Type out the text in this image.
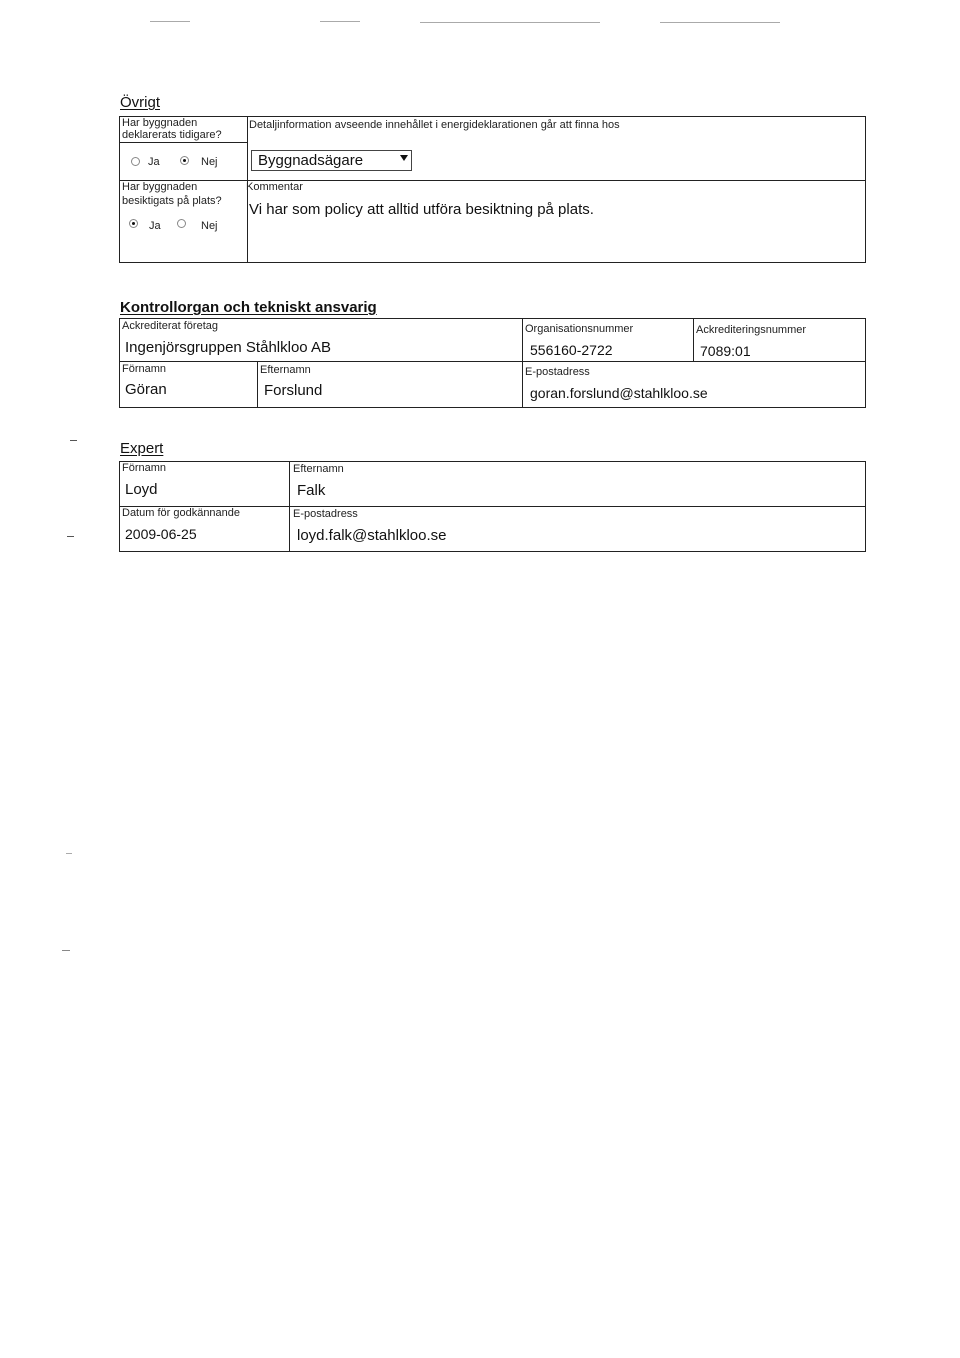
Övrigt
Har byggnaden
deklarerats tidigare?
Ja	Nej
Detaljinformation avseende innehållet i energideklarationen går att finna hos
Byggnadsägare
Har byggnaden
besiktigats på plats?
Ja	Nej
Kommentar
Vi har som policy att alltid utföra besiktning på plats.
Kontrollorgan och tekniskt ansvarig
Ackrediterat företag
Ingenjörsgruppen Ståhlkloo AB
Organisationsnummer
556160-2722
Ackrediteringsnummer
7089:01
Förnamn
Göran
Efternamn
Forslund
E-postadress
goran.forslund@stahlkloo.se
Expert
Förnamn
Loyd
Efternamn
Falk
Datum för godkännande
2009-06-25
E-postadress
loyd.falk@stahlkloo.se
